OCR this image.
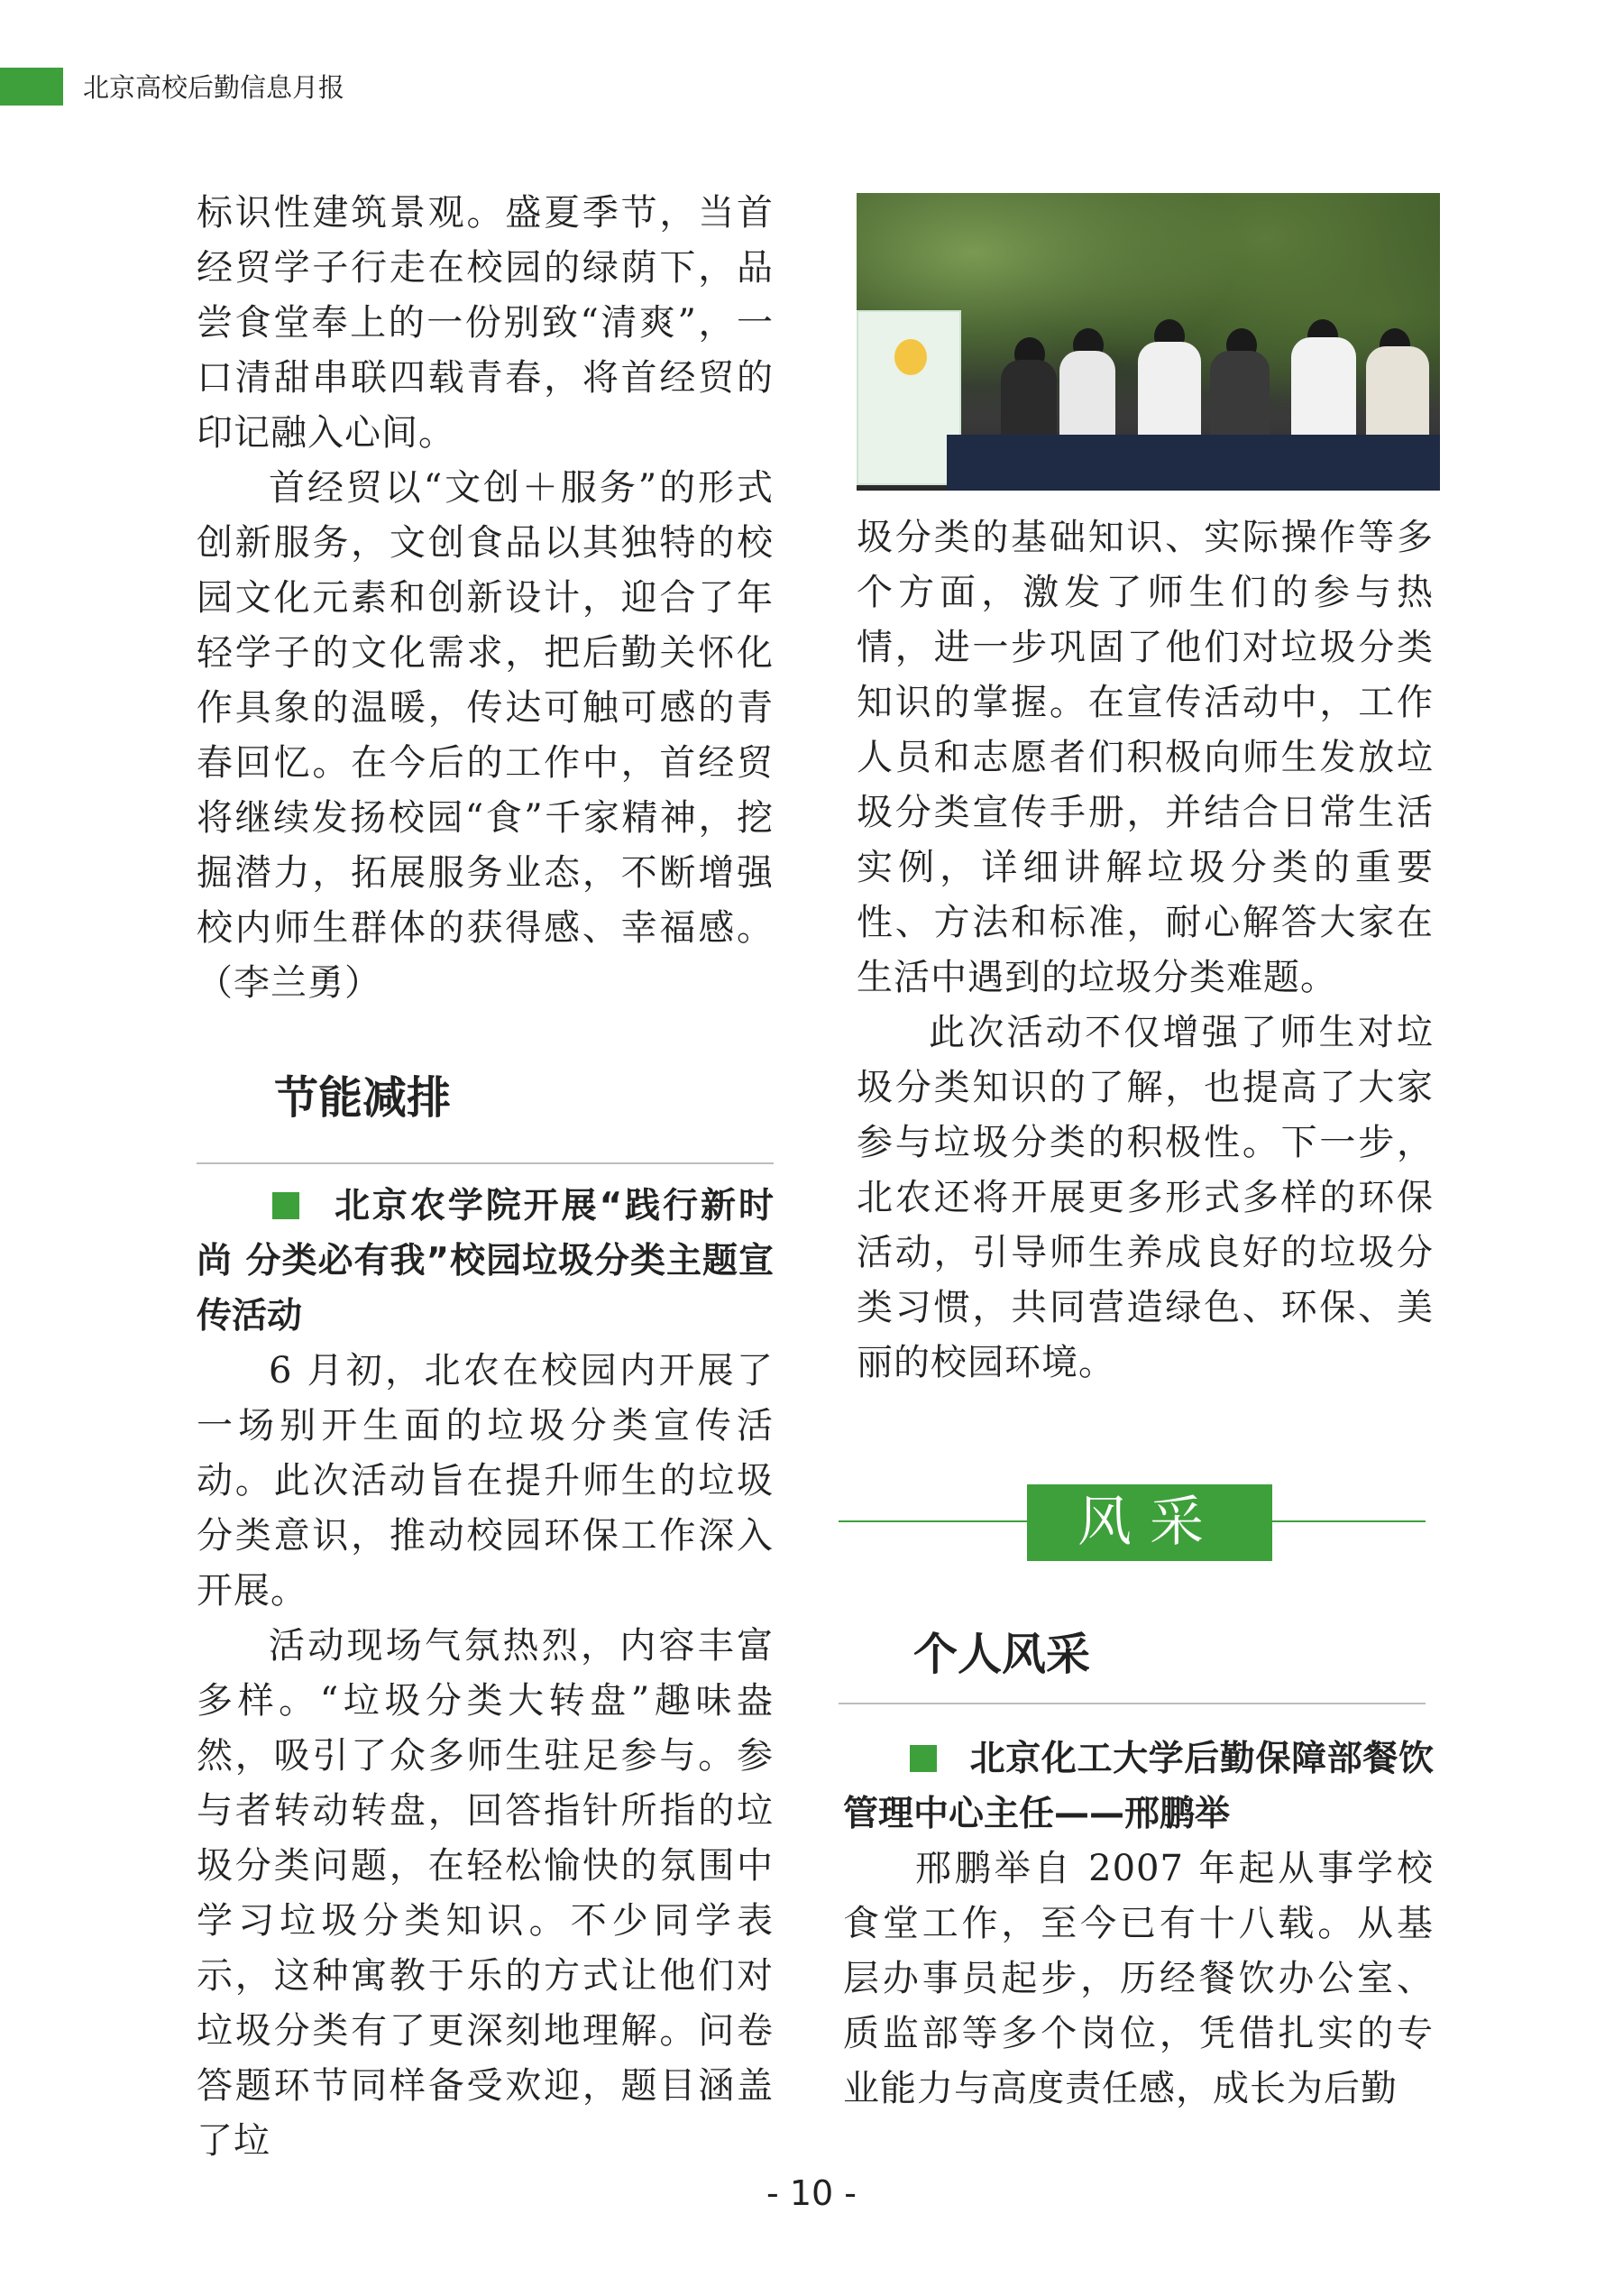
北京高校后勤信息月报

标识性建筑景观。盛夏季节，当首经贸学子行走在校园的绿荫下，品尝食堂奉上的一份别致“清爽”，一口清甜串联四载青春，将首经贸的印记融入心间。

首经贸以“文创＋服务”的形式创新服务，文创食品以其独特的校园文化元素和创新设计，迎合了年轻学子的文化需求，把后勤关怀化作具象的温暖，传达可触可感的青春回忆。在今后的工作中，首经贸将继续发扬校园“食”千家精神，挖掘潜力，拓展服务业态，不断增强校内师生群体的获得感、幸福感。（李兰勇）

节能减排
北京农学院开展“践行新时尚 分类必有我”校园垃圾分类主题宣传活动

6 月初，北农在校园内开展了一场别开生面的垃圾分类宣传活动。此次活动旨在提升师生的垃圾分类意识，推动校园环保工作深入开展。

活动现场气氛热烈，内容丰富多样。“垃圾分类大转盘”趣味盎然，吸引了众多师生驻足参与。参与者转动转盘，回答指针所指的垃圾分类问题，在轻松愉快的氛围中学习垃圾分类知识。不少同学表示，这种寓教于乐的方式让他们对垃圾分类有了更深刻地理解。问卷答题环节同样备受欢迎，题目涵盖了垃

圾分类的基础知识、实际操作等多个方面，激发了师生们的参与热情，进一步巩固了他们对垃圾分类知识的掌握。在宣传活动中，工作人员和志愿者们积极向师生发放垃圾分类宣传手册，并结合日常生活实例，详细讲解垃圾分类的重要性、方法和标准，耐心解答大家在生活中遇到的垃圾分类难题。

此次活动不仅增强了师生对垃圾分类知识的了解，也提高了大家参与垃圾分类的积极性。下一步，北农还将开展更多形式多样的环保活动，引导师生养成良好的垃圾分类习惯，共同营造绿色、环保、美丽的校园环境。

风采
个人风采
北京化工大学后勤保障部餐饮管理中心主任——邢鹏举

邢鹏举自 2007 年起从事学校食堂工作，至今已有十八载。从基层办事员起步，历经餐饮办公室、质监部等多个岗位，凭借扎实的专业能力与高度责任感，成长为后勤

- 10 -
